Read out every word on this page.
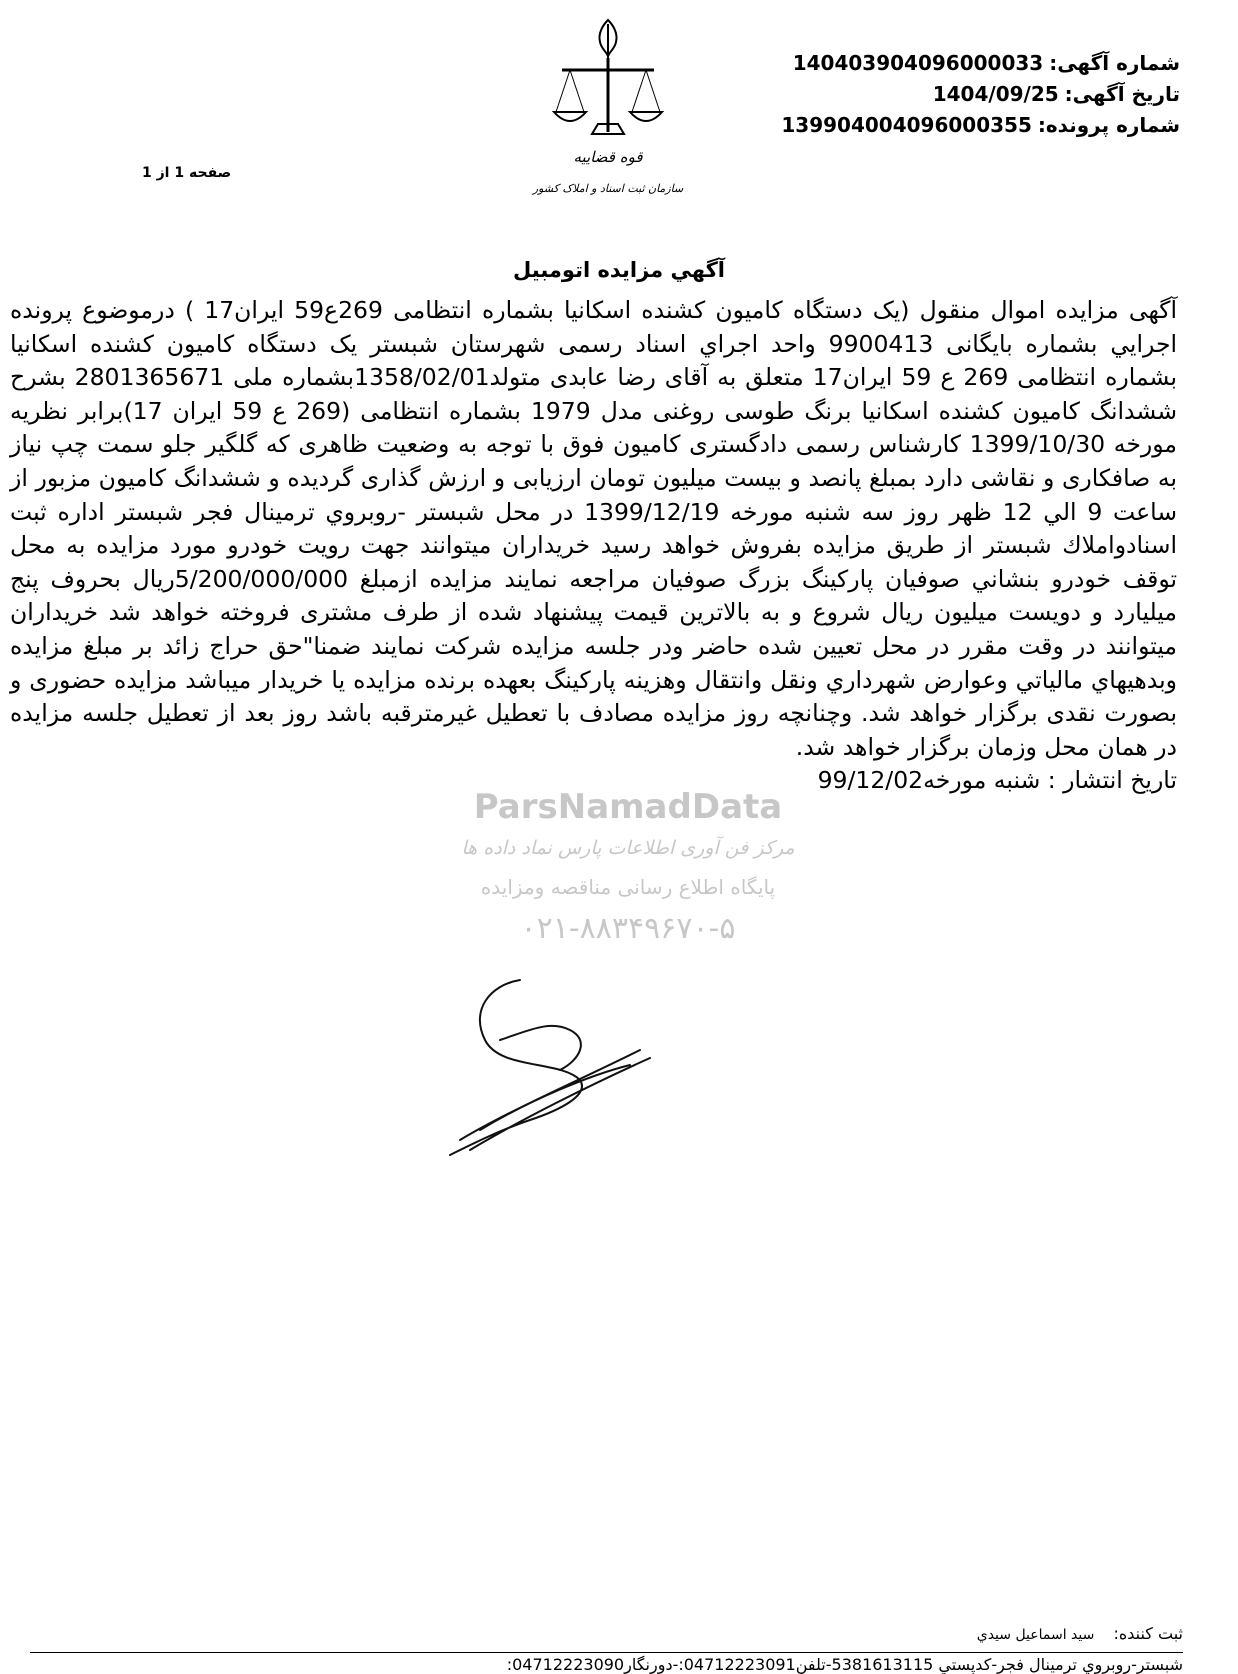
شماره آگهی:140403904096000033
تاریخ آگهی:1404/09/25
شماره پرونده:139904004096000355
صفحه 1 از 1
قوه قضاییه
سازمان ثبت اسناد و املاک کشور
آگهي مزايده اتومبيل
ParsNamadData
مرکز فن آوری اطلاعات پارس نماد داده ها
پایگاه اطلاع رسانی مناقصه ومزایده
۰۲۱-۸۸۳۴۹۶۷۰-۵

آگهی مزایده اموال منقول (یک دستگاه کامیون کشنده اسکانیا بشماره انتظامی 269ع59 ایران17 ) درموضوع پرونده اجرايي بشماره بایگانی 9900413 واحد اجراي اسناد رسمی شهرستان شبستر یک دستگاه کامیون کشنده اسکانیا بشماره انتظامی 269 ع 59 ایران17 متعلق به آقای رضا عابدی متولد1358/02/01بشماره ملی 2801365671 بشرح ششدانگ کامیون کشنده اسکانیا برنگ طوسی روغنی مدل 1979 بشماره انتظامی (269 ع 59 ایران 17)برابر نظریه مورخه 1399/10/30 کارشناس رسمی دادگستری کامیون فوق با توجه به وضعیت ظاهری که گلگیر جلو سمت چپ نیاز به صافکاری و نقاشی دارد بمبلغ پانصد و بیست میلیون تومان ارزیابی و ارزش گذاری گردیده و ششدانگ کامیون مزبور از ساعت 9 الي 12 ظهر روز سه شنبه مورخه 1399/12/19 در محل شبستر -روبروي ترمینال فجر شبستر اداره ثبت اسنادواملاك شبستر از طریق مزایده بفروش خواهد رسید خریداران میتوانند جهت رویت خودرو مورد مزایده به محل توقف خودرو بنشاني صوفیان پارکینگ بزرگ صوفیان مراجعه نمایند مزایده ازمبلغ 5/200/000/000ریال بحروف پنج میلیارد و دویست میلیون ریال شروع و به بالاترین قیمت پیشنهاد شده از طرف مشتری فروخته خواهد شد خریداران میتوانند در وقت مقرر در محل تعیین شده حاضر ودر جلسه مزایده شرکت نمایند ضمنا"حق حراج زائد بر مبلغ مزایده وبدهیهاي مالیاتي وعوارض شهرداري ونقل وانتقال وهزینه پارکینگ بعهده برنده مزایده یا خریدار میباشد مزایده حضوری و بصورت نقدی برگزار خواهد شد. وچنانچه روز مزایده مصادف با تعطیل غیرمترقبه باشد روز بعد از تعطیل جلسه مزایده در همان محل وزمان برگزار خواهد شد.

تاریخ انتشار : شنبه مورخه99/12/02

ثبت کننده: سید اسماعیل سیدي
شبستر-روبروي ترمینال فجر-کدپستي 5381613115-تلفن04712223091:-دورنگار04712223090:
